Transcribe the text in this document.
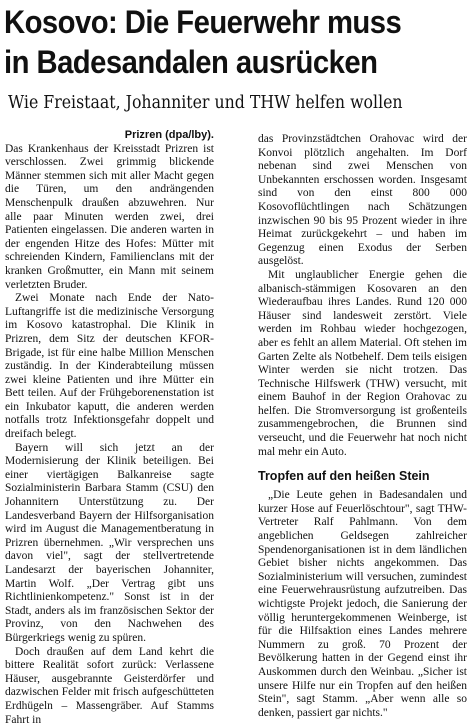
Kosovo: Die Feuerwehr muss
in Badesandalen ausrücken
Wie Freistaat, Johanniter und THW helfen wollen
Prizren (dpa/lby).

Das Krankenhaus der Kreisstadt Prizren ist verschlossen. Zwei grimmig blickende Männer stemmen sich mit aller Macht gegen die Türen, um den andrängenden Menschenpulk draußen abzuwehren. Nur alle paar Minuten werden zwei, drei Patienten eingelassen. Die anderen warten in der engenden Hitze des Hofes: Mütter mit schreienden Kindern, Familienclans mit der kranken Großmutter, ein Mann mit seinem verletzten Bruder.

Zwei Monate nach Ende der Nato-Luftangriffe ist die medizinische Versorgung im Kosovo katastrophal. Die Klinik in Prizren, dem Sitz der deutschen KFOR-Brigade, ist für eine halbe Million Menschen zuständig. In der Kinderabteilung müssen zwei kleine Patienten und ihre Mütter ein Bett teilen. Auf der Frühgeborenenstation ist ein Inkubator kaputt, die anderen werden notfalls trotz Infektionsgefahr doppelt und dreifach belegt.

Bayern will sich jetzt an der Modernisierung der Klinik beteiligen. Bei einer viertägigen Balkanreise sagte Sozialministerin Barbara Stamm (CSU) den Johannitern Unterstützung zu. Der Landesverband Bayern der Hilfsorganisation wird im August die Managementberatung in Prizren übernehmen. „Wir versprechen uns davon viel", sagt der stellvertretende Landesarzt der bayerischen Johanniter, Martin Wolf. „Der Vertrag gibt uns Richtlinienkompetenz." Sonst ist in der Stadt, anders als im französischen Sektor der Provinz, von den Nachwehen des Bürgerkriegs wenig zu spüren.

Doch draußen auf dem Land kehrt die bittere Realität sofort zurück: Verlassene Häuser, ausgebrannte Geisterdörfer und dazwischen Felder mit frisch aufgeschütteten Erdhügeln – Massengräber. Auf Stamms Fahrt in

das Provinzstädtchen Orahovac wird der Konvoi plötzlich angehalten. Im Dorf nebenan sind zwei Menschen von Unbekannten erschossen worden. Insgesamt sind von den einst 800 000 Kosovoflüchtlingen nach Schätzungen inzwischen 90 bis 95 Prozent wieder in ihre Heimat zurückgekehrt – und haben im Gegenzug einen Exodus der Serben ausgelöst.

Mit unglaublicher Energie gehen die albanisch-stämmigen Kosovaren an den Wiederaufbau ihres Landes. Rund 120 000 Häuser sind landesweit zerstört. Viele werden im Rohbau wieder hochgezogen, aber es fehlt an allem Material. Oft stehen im Garten Zelte als Notbehelf. Dem teils eisigen Winter werden sie nicht trotzen. Das Technische Hilfswerk (THW) versucht, mit einem Bauhof in der Region Orahovac zu helfen. Die Stromversorgung ist großenteils zusammengebrochen, die Brunnen sind verseucht, und die Feuerwehr hat noch nicht mal mehr ein Auto.

Tropfen auf den heißen Stein

„Die Leute gehen in Badesandalen und kurzer Hose auf Feuerlöschtour", sagt THW-Vertreter Ralf Pahlmann. Von dem angeblichen Geldsegen zahlreicher Spendenorganisationen ist in dem ländlichen Gebiet bisher nichts angekommen. Das Sozialministerium will versuchen, zumindest eine Feuerwehrausrüstung aufzutreiben. Das wichtigste Projekt jedoch, die Sanierung der völlig heruntergekommenen Weinberge, ist für die Hilfsaktion eines Landes mehrere Nummern zu groß. 70 Prozent der Bevölkerung hatten in der Gegend einst ihr Auskommen durch den Weinbau. „Sicher ist unsere Hilfe nur ein Tropfen auf den heißen Stein", sagt Stamm. „Aber wenn alle so denken, passiert gar nichts."
